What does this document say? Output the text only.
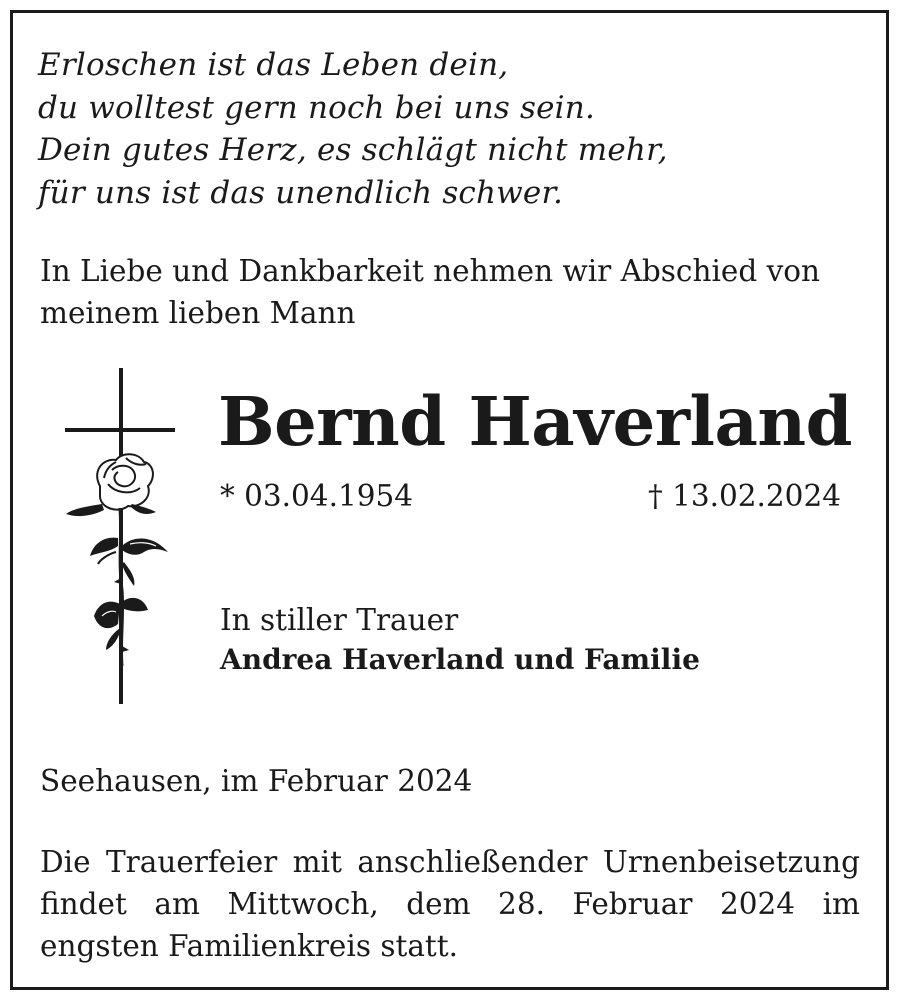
Erloschen ist das Leben dein,
du wolltest gern noch bei uns sein.
Dein gutes Herz, es schlägt nicht mehr,
für uns ist das unendlich schwer.
In Liebe und Dankbarkeit nehmen wir Abschied von
meinem lieben Mann
Bernd Haverland
* 03.04.1954	† 13.02.2024
In stiller Trauer
Andrea Haverland und Familie
Seehausen, im Februar 2024
Die Trauerfeier mit anschließender Urnenbeisetzung
findet am Mittwoch, dem 28. Februar 2024 im
engsten Familienkreis statt.
